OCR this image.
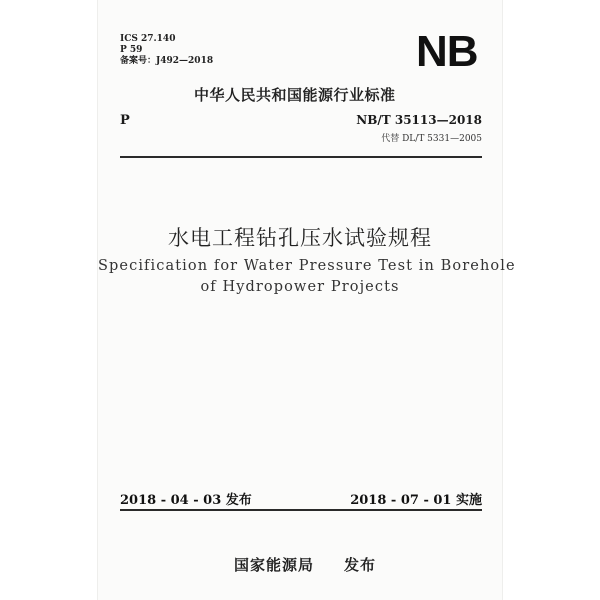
ICS 27.140
P 59
备案号：J492—2018	NB
中华人民共和国能源行业标准
P	NB/T 35113—2018
代替 DL/T 5331—2005
水电工程钻孔压水试验规程
Specification for Water Pressure Test in Borehole
of Hydropower Projects
2018 - 04 - 03 发布	2018 - 07 - 01 实施
国家能源局 发布
